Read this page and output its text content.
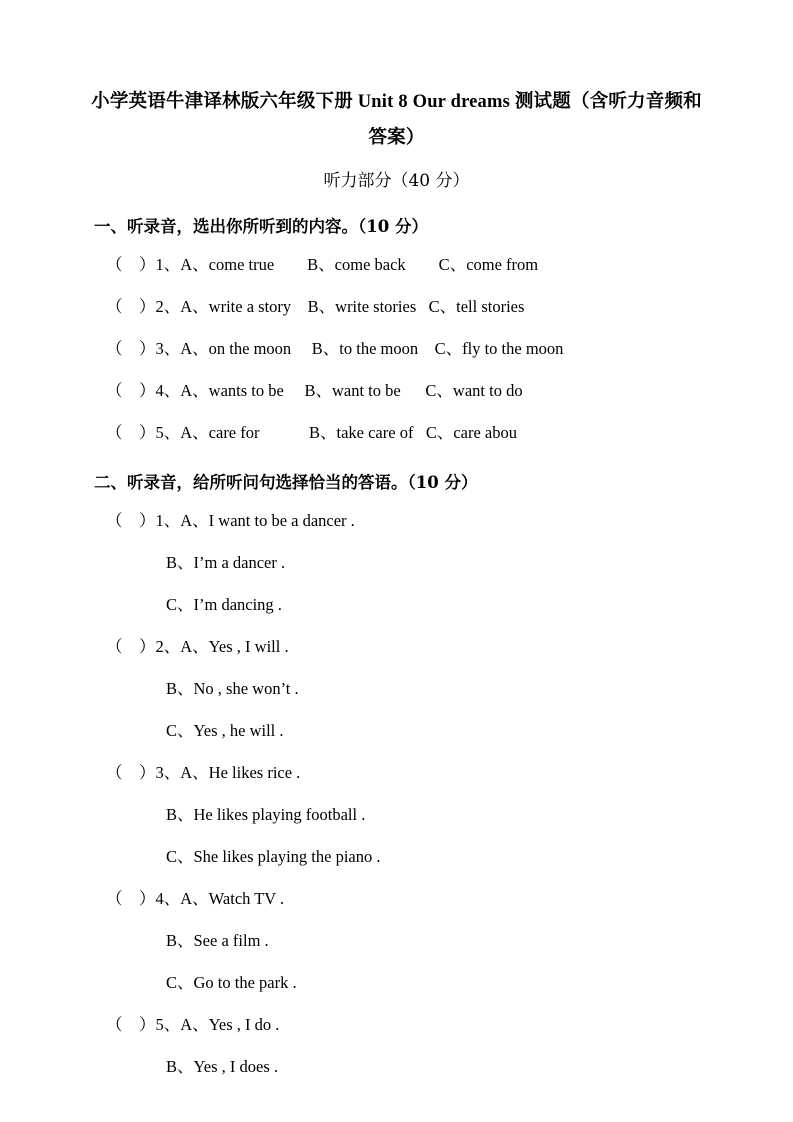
小学英语牛津译林版六年级下册 Unit 8 Our dreams 测试题（含听力音频和答案）
听力部分（40 分）
一、听录音，选出你所听到的内容。（10 分）
（    ）1、A、come true        B、come back        C、come from
（    ）2、A、write a story    B、write stories   C、tell stories
（    ）3、A、on the moon     B、to the moon    C、fly to the moon
（    ）4、A、wants to be     B、want to be      C、want to do
（    ）5、A、care for            B、take care of   C、care abou
二、听录音，给所听问句选择恰当的答语。（10 分）
（    ）1、A、I want to be a dancer .
B、I’m a dancer .
C、I’m dancing .
（    ）2、A、Yes , I will .
B、No , she won’t .
C、Yes , he will .
（    ）3、A、He likes rice .
B、He likes playing football .
C、She likes playing the piano .
（    ）4、A、Watch TV .
B、See a film .
C、Go to the park .
（    ）5、A、Yes , I do .
B、Yes , I does .
